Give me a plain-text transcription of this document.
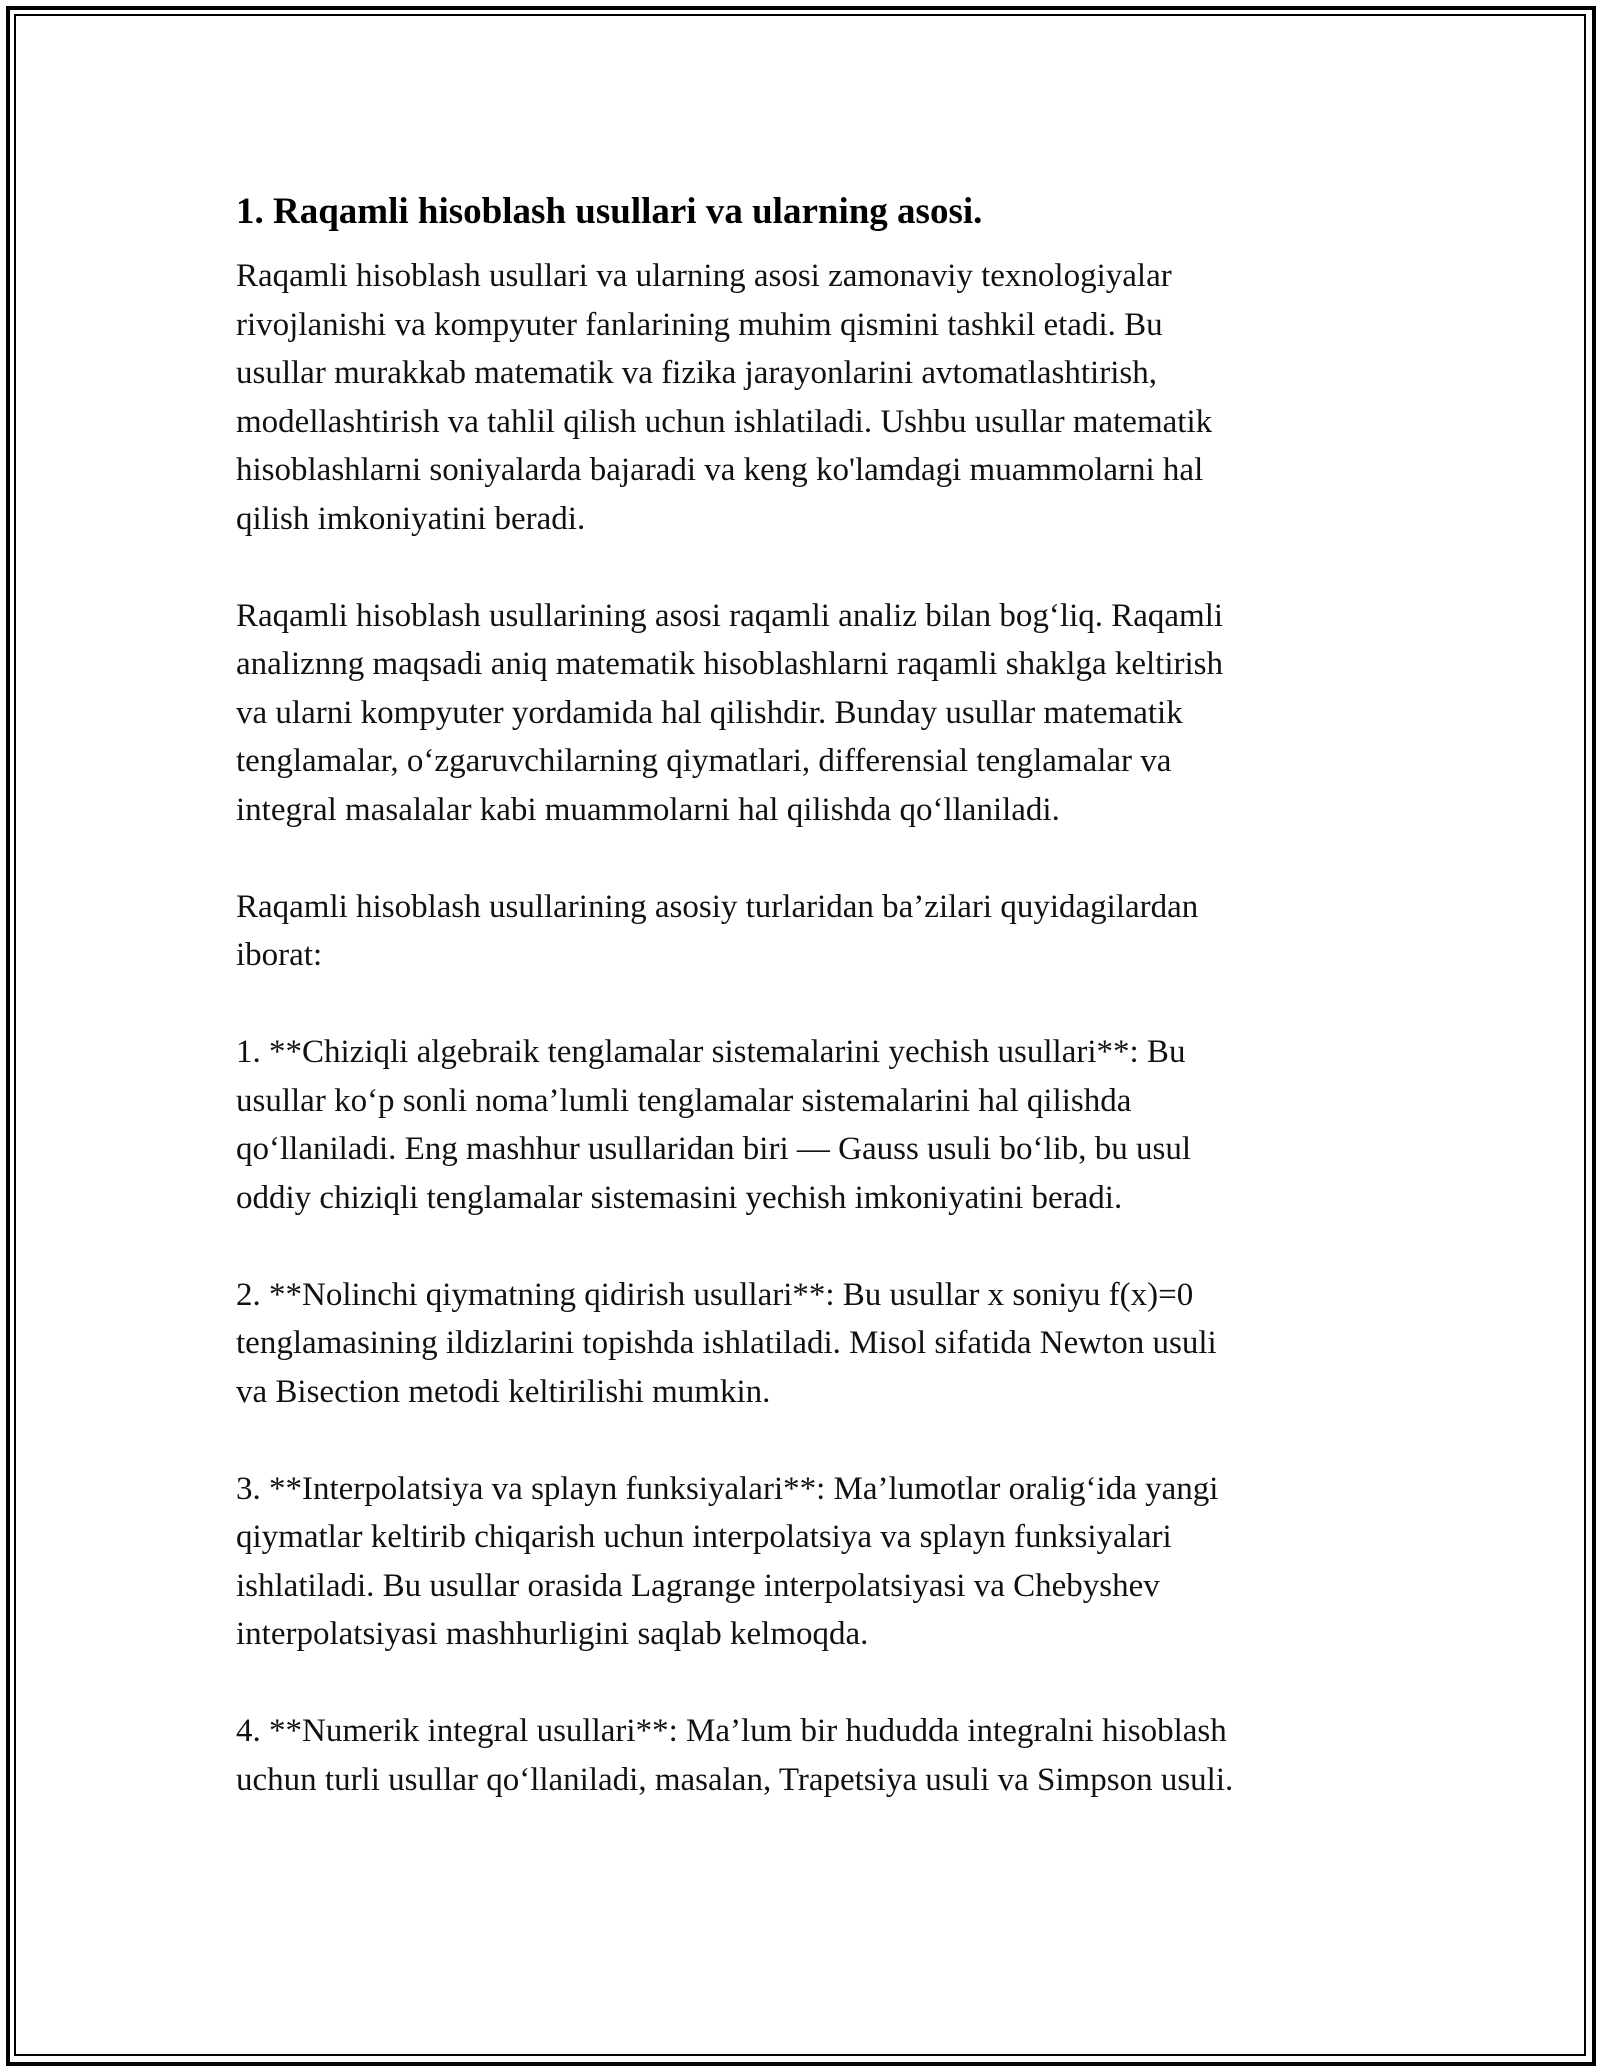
1. Raqamli hisoblash usullari va ularning asosi.

Raqamli hisoblash usullari va ularning asosi zamonaviy texnologiyalar
rivojlanishi va kompyuter fanlarining muhim qismini tashkil etadi. Bu
usullar murakkab matematik va fizika jarayonlarini avtomatlashtirish,
modellashtirish va tahlil qilish uchun ishlatiladi. Ushbu usullar matematik
hisoblashlarni soniyalarda bajaradi va keng ko'lamdagi muammolarni hal
qilish imkoniyatini beradi.

Raqamli hisoblash usullarining asosi raqamli analiz bilan bog‘liq. Raqamli
analiznng maqsadi aniq matematik hisoblashlarni raqamli shaklga keltirish
va ularni kompyuter yordamida hal qilishdir. Bunday usullar matematik
tenglamalar, o‘zgaruvchilarning qiymatlari, differensial tenglamalar va
integral masalalar kabi muammolarni hal qilishda qo‘llaniladi.

Raqamli hisoblash usullarining asosiy turlaridan ba’zilari quyidagilardan
iborat:

1. **Chiziqli algebraik tenglamalar sistemalarini yechish usullari**: Bu
usullar ko‘p sonli noma’lumli tenglamalar sistemalarini hal qilishda
qo‘llaniladi. Eng mashhur usullaridan biri — Gauss usuli bo‘lib, bu usul
oddiy chiziqli tenglamalar sistemasini yechish imkoniyatini beradi.

2. **Nolinchi qiymatning qidirish usullari**: Bu usullar x soniyu f(x)=0
tenglamasining ildizlarini topishda ishlatiladi. Misol sifatida Newton usuli
va Bisection metodi keltirilishi mumkin.

3. **Interpolatsiya va splayn funksiyalari**: Ma’lumotlar oralig‘ida yangi
qiymatlar keltirib chiqarish uchun interpolatsiya va splayn funksiyalari
ishlatiladi. Bu usullar orasida Lagrange interpolatsiyasi va Chebyshev
interpolatsiyasi mashhurligini saqlab kelmoqda.

4. **Numerik integral usullari**: Ma’lum bir hududda integralni hisoblash
uchun turli usullar qo‘llaniladi, masalan, Trapetsiya usuli va Simpson usuli.
